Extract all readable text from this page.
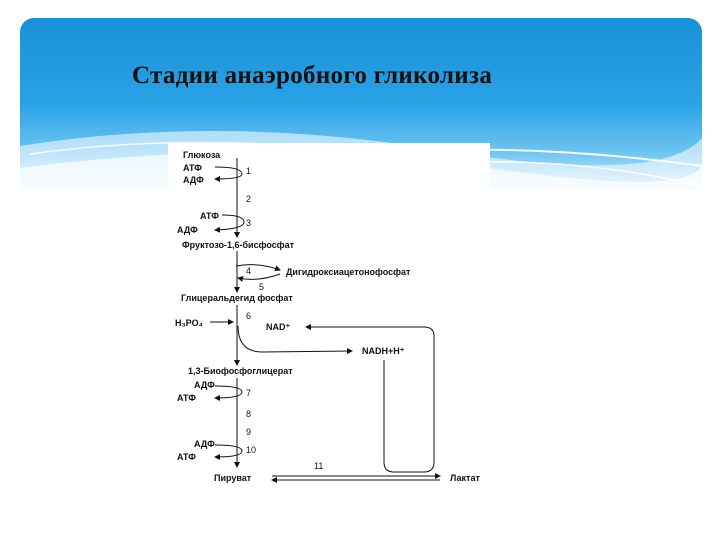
Стадии анаэробного гликолиза
Глюкоза
Фруктозо-1,6-бисфосфат
Дигидроксиацетонофосфат
Глицеральдегид фосфат
1,3-Биофосфоглицерат
Пируват	Лактат
АТФ
АДФ
АТФ
АДФ
H₃PO₄	NAD⁺
NADH+H⁺
АДФ
АТФ
АДФ
АТФ
1
2
3
4
5
6
7
8
9
10
11
